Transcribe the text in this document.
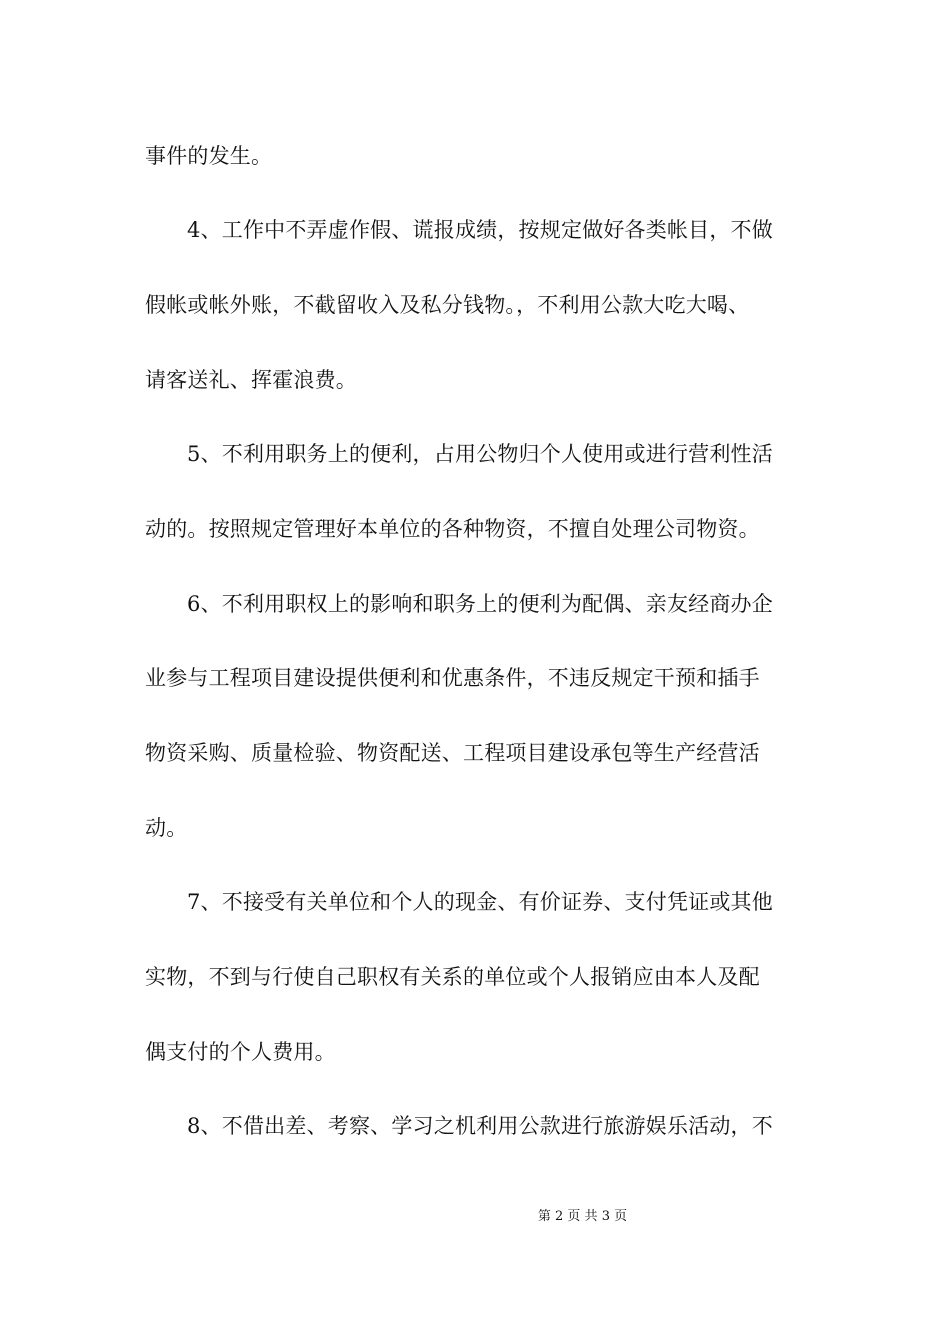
事件的发生。
4、工作中不弄虚作假、谎报成绩，按规定做好各类帐目，不做
假帐或帐外账，不截留收入及私分钱物。，不利用公款大吃大喝、
请客送礼、挥霍浪费。
5、不利用职务上的便利，占用公物归个人使用或进行营利性活
动的。按照规定管理好本单位的各种物资，不擅自处理公司物资。
6、不利用职权上的影响和职务上的便利为配偶、亲友经商办企
业参与工程项目建设提供便利和优惠条件，不违反规定干预和插手
物资采购、质量检验、物资配送、工程项目建设承包等生产经营活
动。
7、不接受有关单位和个人的现金、有价证券、支付凭证或其他
实物，不到与行使自己职权有关系的单位或个人报销应由本人及配
偶支付的个人费用。
8、不借出差、考察、学习之机利用公款进行旅游娱乐活动，不
第 2 页 共 3 页
